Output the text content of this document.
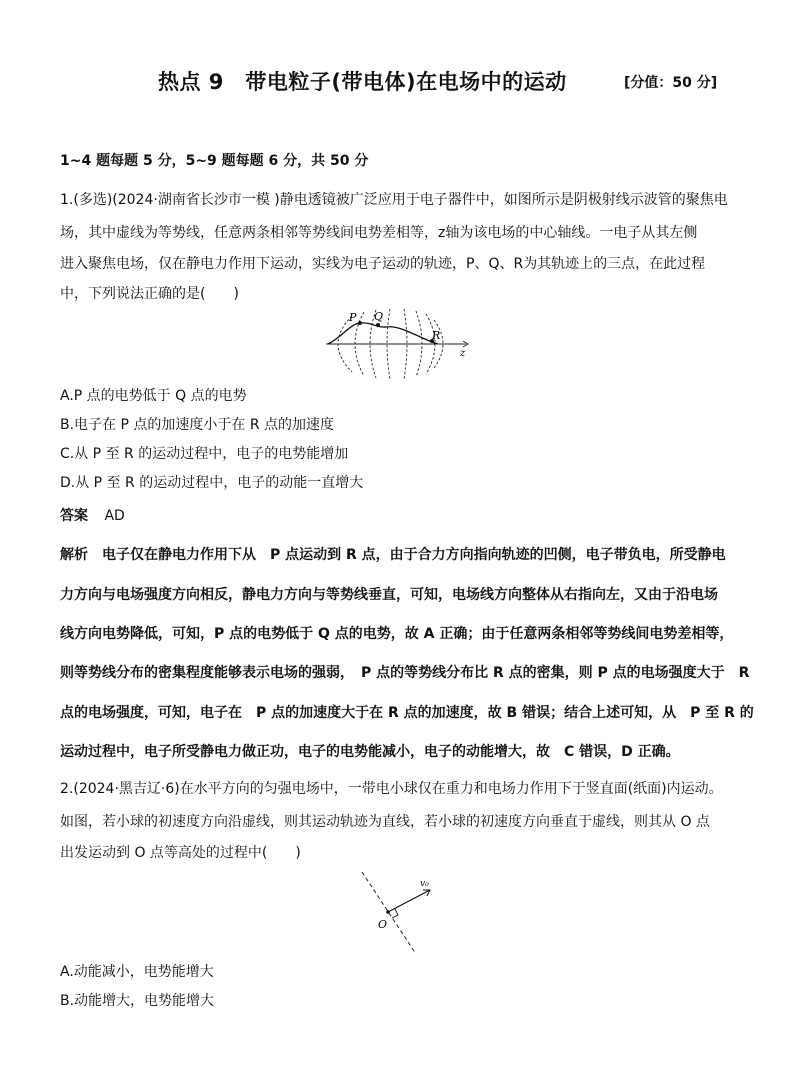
热点 9　带电粒子(带电体)在电场中的运动	[分值：50 分]
1~4 题每题 5 分，5~9 题每题 6 分，共 50 分
1.(多选)(2024·湖南省长沙市一模 )静电透镜被广泛应用于电子器件中，如图所示是阴极射线示波管的聚焦电
场，其中虚线为等势线，任意两条相邻等势线间电势差相等，z轴为该电场的中心轴线。一电子从其左侧
进入聚焦电场，仅在静电力作用下运动，实线为电子运动的轨迹，P、Q、R为其轨迹上的三点，在此过程
中，下列说法正确的是(　　)
P Q
R
z
A.P 点的电势低于 Q 点的电势
B.电子在 P 点的加速度小于在 R 点的加速度
C.从 P 至 R 的运动过程中，电子的电势能增加
D.从 P 至 R 的运动过程中，电子的动能一直增大
答案 AD
解析　电子仅在静电力作用下从　P 点运动到 R 点，由于合力方向指向轨迹的凹侧，电子带负电，所受静电
力方向与电场强度方向相反，静电力方向与等势线垂直，可知，电场线方向整体从右指向左，又由于沿电场
线方向电势降低，可知，P 点的电势低于 Q 点的电势，故 A 正确；由于任意两条相邻等势线间电势差相等，
则等势线分布的密集程度能够表示电场的强弱，　P 点的等势线分布比 R 点的密集，则 P 点的电场强度大于　R
点的电场强度，可知，电子在　P 点的加速度大于在 R 点的加速度，故 B 错误；结合上述可知，从　P 至 R 的
运动过程中，电子所受静电力做正功，电子的电势能减小，电子的动能增大，故　C 错误，D 正确。
2.(2024·黑吉辽·6)在水平方向的匀强电场中，一带电小球仅在重力和电场力作用下于竖直面(纸面)内运动。
如图，若小球的初速度方向沿虚线，则其运动轨迹为直线，若小球的初速度方向垂直于虚线，则其从 O 点
出发运动到 O 点等高处的过程中(　　)
O
v₀
A.动能减小，电势能增大
B.动能增大，电势能增大
